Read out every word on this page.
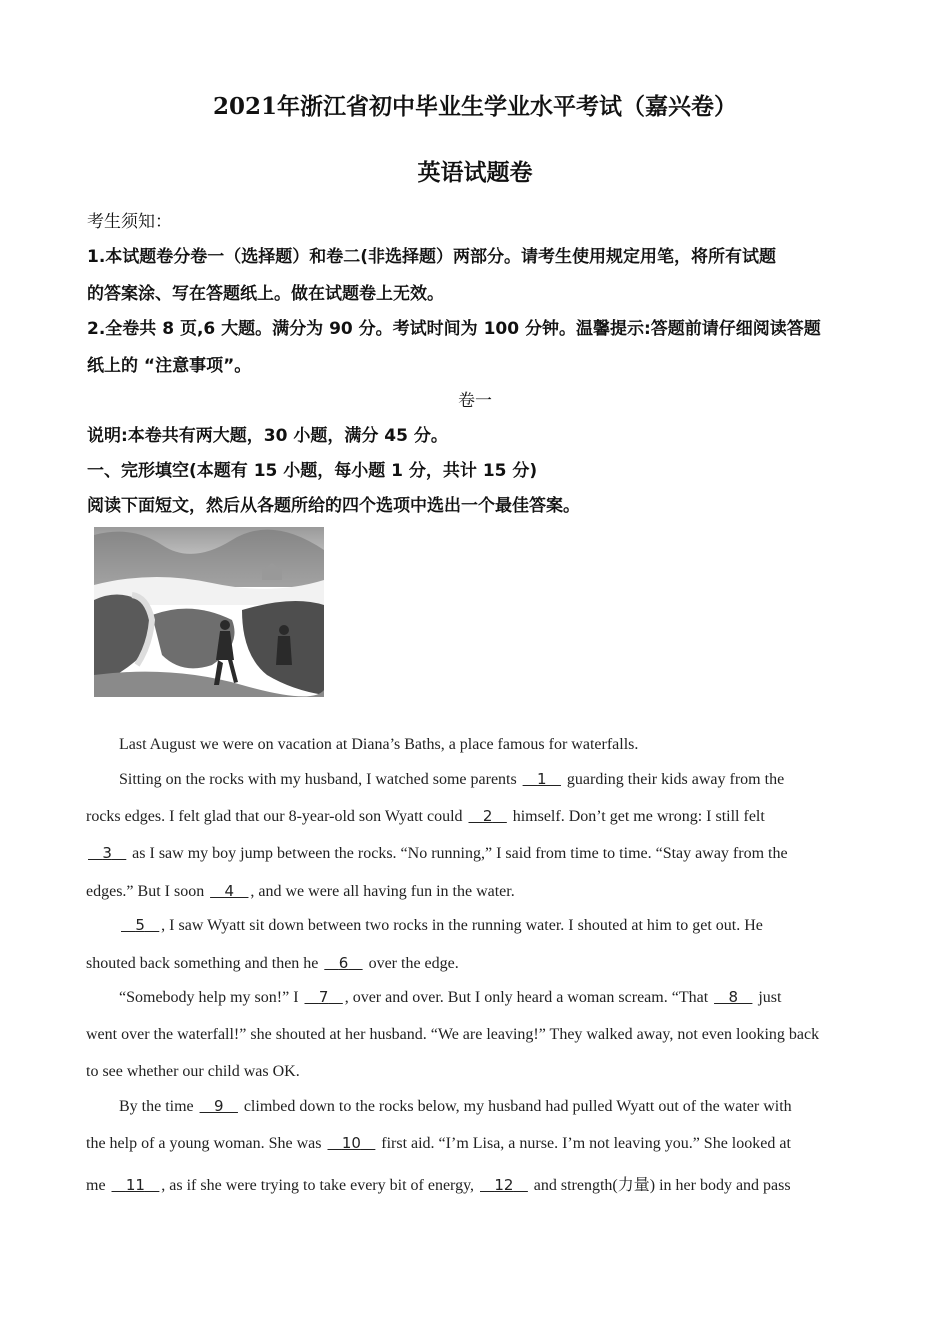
2021年浙江省初中毕业生学业水平考试（嘉兴卷）
英语试题卷
考生须知：
1.本试题卷分卷一（选择题）和卷二(非选择题）两部分。请考生使用规定用笔，将所有试题
的答案涂、写在答题纸上。做在试题卷上无效。
2.全卷共 8 页,6 大题。满分为 90 分。考试时间为 100 分钟。温馨提示:答题前请仔细阅读答题
纸上的 “注意事项”。
卷一
说明:本卷共有两大题，30 小题，满分 45 分。
一、完形填空(本题有 15 小题，每小题 1 分，共计 15 分)
阅读下面短文，然后从各题所给的四个选项中选出一个最佳答案。
Last August we were on vacation at Diana’s Baths, a place famous for waterfalls.
Sitting on the rocks with my husband, I watched some parents 1 guarding their kids away from the
rocks edges. I felt glad that our 8-year-old son Wyatt could 2 himself. Don’t get me wrong: I still felt
3 as I saw my boy jump between the rocks. “No running,” I said from time to time. “Stay away from the
edges.” But I soon 4 , and we were all having fun in the water.
5 , I saw Wyatt sit down between two rocks in the running water. I shouted at him to get out. He
shouted back something and then he 6 over the edge.
“Somebody help my son!” I 7 , over and over. But I only heard a woman scream. “That 8 just
went over the waterfall!” she shouted at her husband. “We are leaving!” They walked away, not even looking back
to see whether our child was OK.
By the time 9 climbed down to the rocks below, my husband had pulled Wyatt out of the water with
the help of a young woman. She was 10 first aid. “I’m Lisa, a nurse. I’m not leaving you.” She looked at
me 11 , as if she were trying to take every bit of energy, 12 and strength(力量) in her body and pass
